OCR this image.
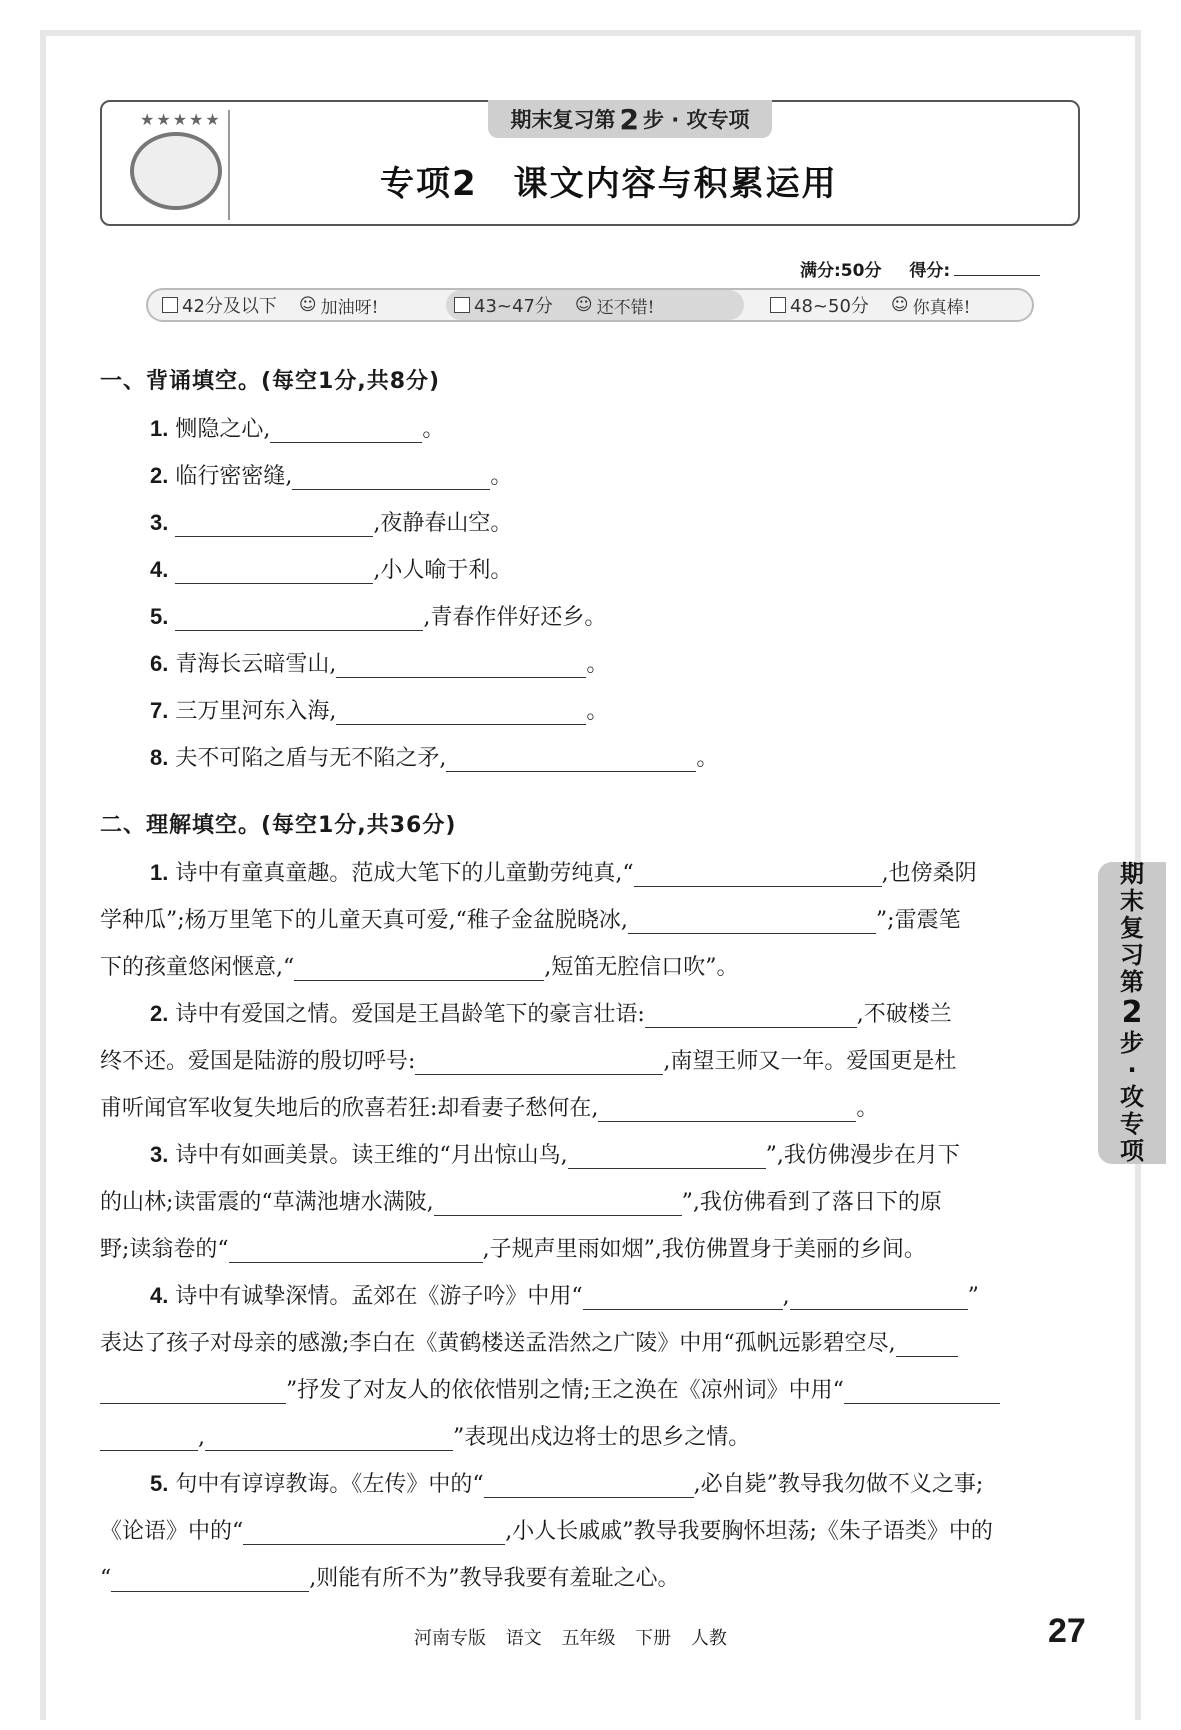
★★★★★	期末复习第 2 步 · 攻专项
专项2　课文内容与积累运用
满分:50分 得分:
42分及以下 ☺ 加油呀!	43~47分 ☺ 还不错!	48~50分 ☺ 你真棒!
一、背诵填空。(每空1分,共8分)
1. 恻隐之心,	。
2. 临行密密缝,	。
3.	,夜静春山空。
4.	,小人喻于利。
5.	,青春作伴好还乡。
6. 青海长云暗雪山,	。
7. 三万里河东入海,	。
8. 夫不可陷之盾与无不陷之矛,	。
二、理解填空。(每空1分,共36分)
1. 诗中有童真童趣。范成大笔下的儿童勤劳纯真,“	,也傍桑阴
学种瓜”;杨万里笔下的儿童天真可爱,“稚子金盆脱晓冰,	”;雷震笔
下的孩童悠闲惬意,“	,短笛无腔信口吹”。
2. 诗中有爱国之情。爱国是王昌龄笔下的豪言壮语:	,不破楼兰
终不还。爱国是陆游的殷切呼号:	,南望王师又一年。爱国更是杜
甫听闻官军收复失地后的欣喜若狂:却看妻子愁何在,	。
3. 诗中有如画美景。读王维的“月出惊山鸟,	”,我仿佛漫步在月下
的山林;读雷震的“草满池塘水满陂,	”,我仿佛看到了落日下的原
野;读翁卷的“	,子规声里雨如烟”,我仿佛置身于美丽的乡间。
4. 诗中有诚挚深情。孟郊在《游子吟》中用“	,	”
表达了孩子对母亲的感激;李白在《黄鹤楼送孟浩然之广陵》中用“孤帆远影碧空尽,
”抒发了对友人的依依惜别之情;王之涣在《凉州词》中用“
,	”表现出戍边将士的思乡之情。
5. 句中有谆谆教诲。《左传》中的“	,必自毙”教导我勿做不义之事;
《论语》中的“	,小人长戚戚”教导我要胸怀坦荡;《朱子语类》中的
“	,则能有所不为”教导我要有羞耻之心。
期
末
复
习
第
2
步
·
攻
专
项
河南专版 语文 五年级 下册 人教	27
